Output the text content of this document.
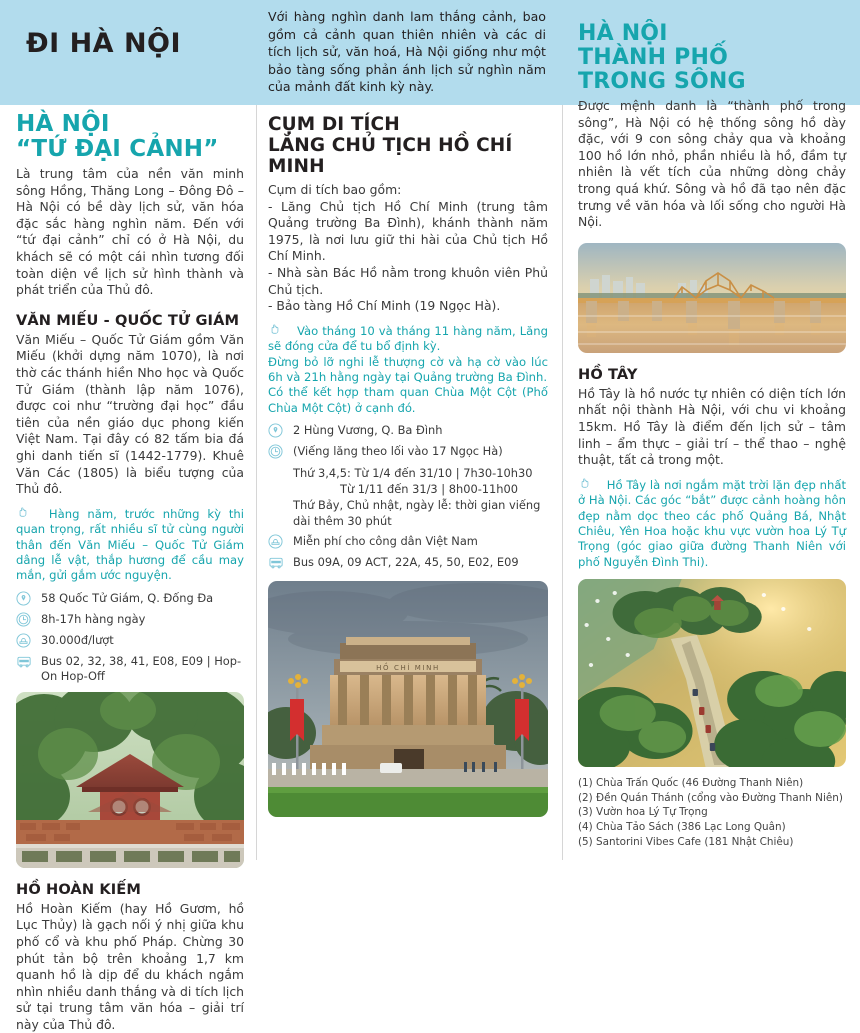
ĐI HÀ NỘI
Với hàng nghìn danh lam thắng cảnh, bao gồm cả cảnh quan thiên nhiên và các di tích lịch sử, văn hoá, Hà Nội giống như một bảo tàng sống phản ánh lịch sử nghìn năm của mảnh đất kinh kỳ này.
HÀ NỘI
“TỨ ĐẠI CẢNH”

Là trung tâm của nền văn minh sông Hồng, Thăng Long – Đông Đô – Hà Nội có bề dày lịch sử, văn hóa đặc sắc hàng nghìn năm. Đến với “tứ đại cảnh” chỉ có ở Hà Nội, du khách sẽ có một cái nhìn tương đối toàn diện về lịch sử hình thành và phát triển của Thủ đô.

VĂN MIẾU - QUỐC TỬ GIÁM

Văn Miếu – Quốc Tử Giám gồm Văn Miếu (khởi dựng năm 1070), là nơi thờ các thánh hiền Nho học và Quốc Tử Giám (thành lập năm 1076), được coi như “trường đại học” đầu tiên của nền giáo dục phong kiến Việt Nam. Tại đây có 82 tấm bia đá ghi danh tiến sĩ (1442-1779). Khuê Văn Các (1805) là biểu tượng của Thủ đô.

Hàng năm, trước những kỳ thi quan trọng, rất nhiều sĩ tử cùng người thân đến Văn Miếu – Quốc Tử Giám dâng lễ vật, thắp hương để cầu may mắn, gửi gắm ước nguyện.

58 Quốc Tử Giám, Q. Đống Đa
8h-17h hàng ngày
30.000đ/lượt
Bus 02, 32, 38, 41, E08, E09 | Hop-On Hop-Off
HỒ HOÀN KIẾM

Hồ Hoàn Kiếm (hay Hồ Gươm, hồ Lục Thủy) là gạch nối ý nhị giữa khu phố cổ và khu phố Pháp. Chừng 30 phút tản bộ trên khoảng 1,7 km quanh hồ là dịp để du khách ngắm nhìn nhiều danh thắng và di tích lịch sử tại trung tâm văn hóa – giải trí này của Thủ đô.

CỤM DI TÍCH
LĂNG CHỦ TỊCH HỒ CHÍ MINH

Cụm di tích bao gồm:

- Lăng Chủ tịch Hồ Chí Minh (trung tâm Quảng trường Ba Đình), khánh thành năm 1975, là nơi lưu giữ thi hài của Chủ tịch Hồ Chí Minh.

- Nhà sàn Bác Hồ nằm trong khuôn viên Phủ Chủ tịch.

- Bảo tàng Hồ Chí Minh (19 Ngọc Hà).

Vào tháng 10 và tháng 11 hàng năm, Lăng sẽ đóng cửa để tu bổ định kỳ.

Đừng bỏ lỡ nghi lễ thượng cờ và hạ cờ vào lúc 6h và 21h hằng ngày tại Quảng trường Ba Đình.

Có thể kết hợp tham quan Chùa Một Cột (Phố Chùa Một Cột) ở cạnh đó.

2 Hùng Vương, Q. Ba Đình
(Viếng lăng theo lối vào 17 Ngọc Hà)
Thứ 3,4,5: Từ 1/4 đến 31/10 | 7h30-10h30
Từ 1/11 đến 31/3 | 8h00-11h00
Thứ Bảy, Chủ nhật, ngày lễ: thời gian viếng dài thêm 30 phút
Miễn phí cho công dân Việt Nam
Bus 09A, 09 ACT, 22A, 45, 50, E02, E09
HỒ CHÍ MINH
HÀ NỘI
THÀNH PHỐ
TRONG SÔNG

Được mệnh danh là “thành phố trong sông”, Hà Nội có hệ thống sông hồ dày đặc, với 9 con sông chảy qua và khoảng 100 hồ lớn nhỏ, phần nhiều là hồ, đầm tự nhiên là vết tích của những dòng chảy trong quá khứ. Sông và hồ đã tạo nên đặc trưng về văn hóa và lối sống cho người Hà Nội.

HỒ TÂY

Hồ Tây là hồ nước tự nhiên có diện tích lớn nhất nội thành Hà Nội, với chu vi khoảng 15km. Hồ Tây là điểm đến lịch sử – tâm linh – ẩm thực – giải trí – thể thao – nghệ thuật, tất cả trong một.

Hồ Tây là nơi ngắm mặt trời lặn đẹp nhất ở Hà Nội. Các góc “bắt” được cảnh hoàng hôn đẹp nằm dọc theo các phố Quảng Bá, Nhật Chiêu, Yên Hoa hoặc khu vực vườn hoa Lý Tự Trọng (góc giao giữa đường Thanh Niên với phố Nguyễn Đình Thi).

(1) Chùa Trấn Quốc (46 Đường Thanh Niên)
(2) Đền Quán Thánh (cổng vào Đường Thanh Niên)
(3) Vườn hoa Lý Tự Trọng
(4) Chùa Tảo Sách (386 Lạc Long Quân)
(5) Santorini Vibes Cafe (181 Nhật Chiêu)
